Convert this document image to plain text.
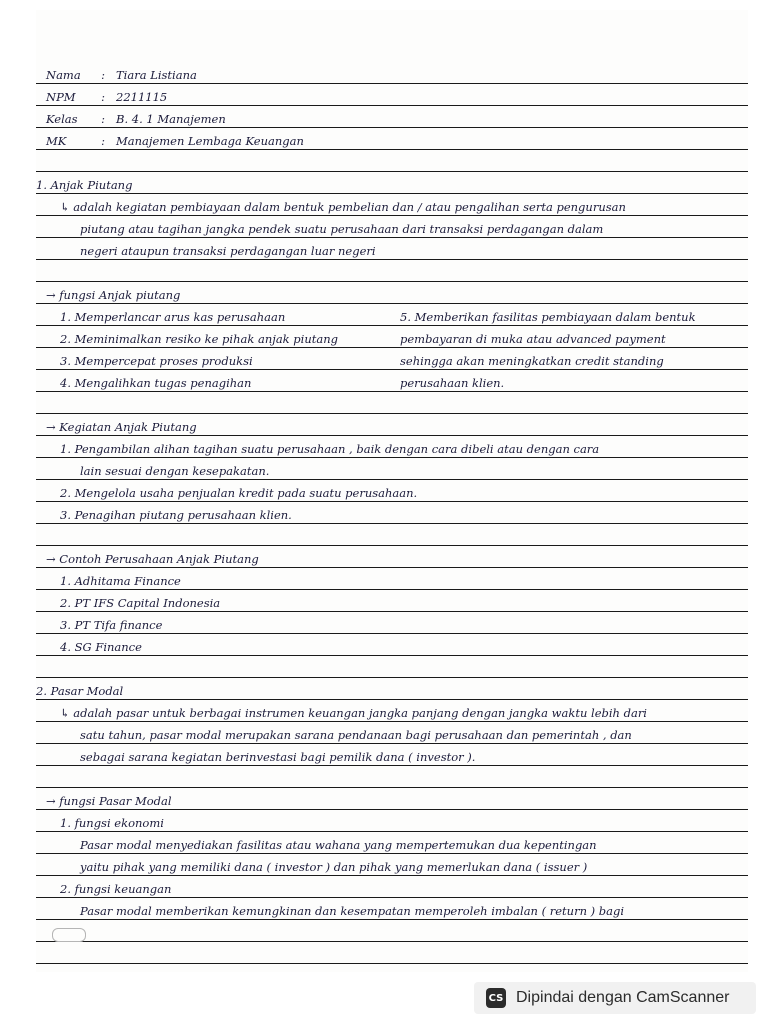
Nama	: Tiara Listiana
NPM	: 2211115
Kelas	: B. 4. 1 Manajemen
MK	: Manajemen Lembaga Keuangan
1. Anjak Piutang
↳ adalah kegiatan pembiayaan dalam bentuk pembelian dan / atau pengalihan serta pengurusan
piutang atau tagihan jangka pendek suatu perusahaan dari transaksi perdagangan dalam
negeri ataupun transaksi perdagangan luar negeri
→ fungsi Anjak piutang
1. Memperlancar arus kas perusahaan	5. Memberikan fasilitas pembiayaan dalam bentuk
2. Meminimalkan resiko ke pihak anjak piutang	pembayaran di muka atau advanced payment
3. Mempercepat proses produksi	sehingga akan meningkatkan credit standing
4. Mengalihkan tugas penagihan	perusahaan klien.
→ Kegiatan Anjak Piutang
1. Pengambilan alihan tagihan suatu perusahaan , baik dengan cara dibeli atau dengan cara
lain sesuai dengan kesepakatan.
2. Mengelola usaha penjualan kredit pada suatu perusahaan.
3. Penagihan piutang perusahaan klien.
→ Contoh Perusahaan Anjak Piutang
1. Adhitama Finance
2. PT IFS Capital Indonesia
3. PT Tifa finance
4. SG Finance
2. Pasar Modal
↳ adalah pasar untuk berbagai instrumen keuangan jangka panjang dengan jangka waktu lebih dari
satu tahun, pasar modal merupakan sarana pendanaan bagi perusahaan dan pemerintah , dan
sebagai sarana kegiatan berinvestasi bagi pemilik dana ( investor ).
→ fungsi Pasar Modal
1. fungsi ekonomi
Pasar modal menyediakan fasilitas atau wahana yang mempertemukan dua kepentingan
yaitu pihak yang memiliki dana ( investor ) dan pihak yang memerlukan dana ( issuer )
2. fungsi keuangan
Pasar modal memberikan kemungkinan dan kesempatan memperoleh imbalan ( return ) bagi
CS Dipindai dengan CamScanner
